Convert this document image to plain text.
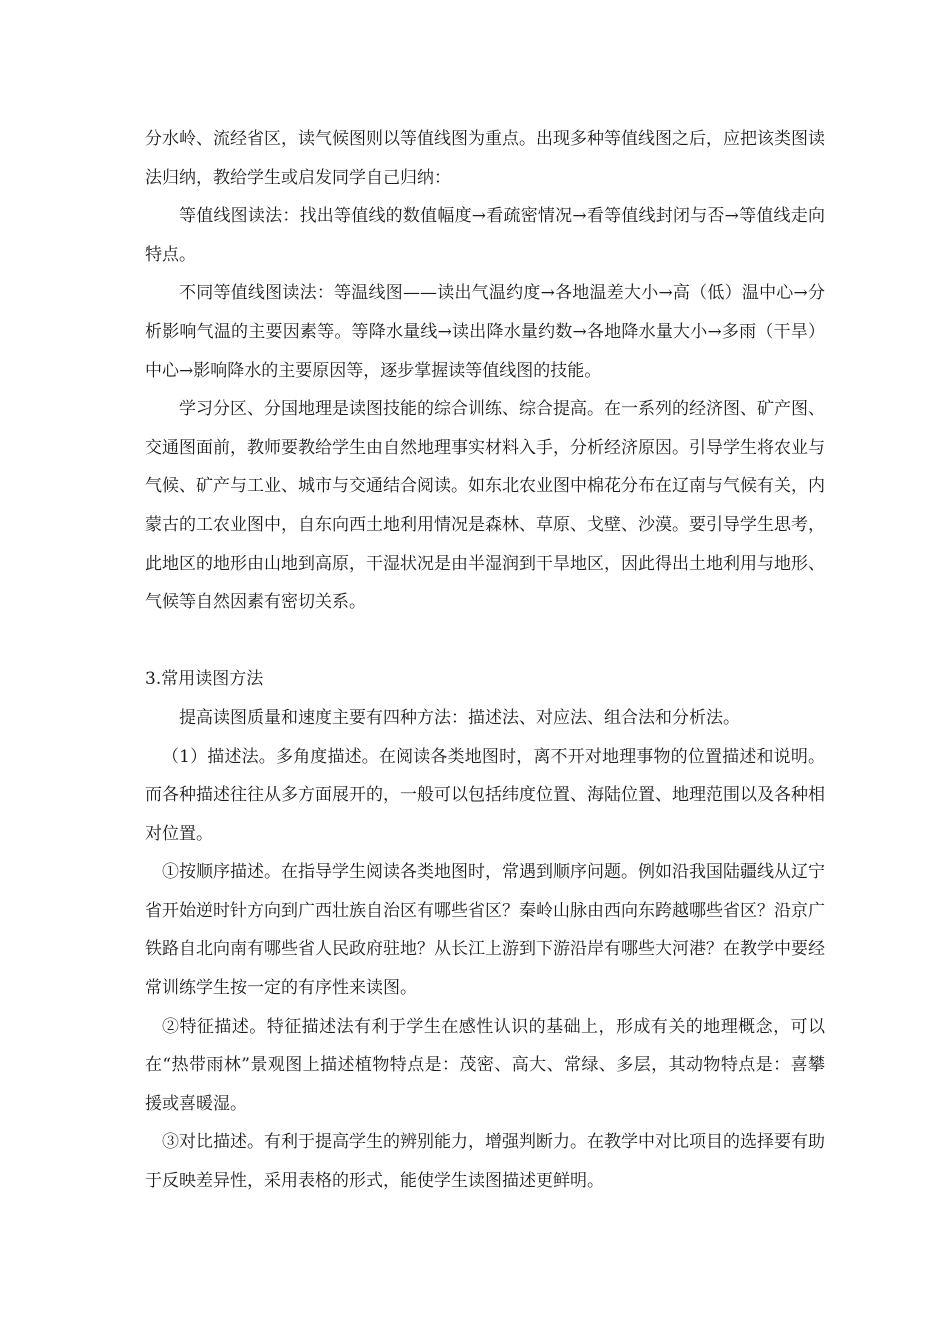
分水岭、流经省区，读气候图则以等值线图为重点。出现多种等值线图之后，应把该类图读法归纳，教给学生或启发同学自己归纳：

等值线图读法：找出等值线的数值幅度→看疏密情况→看等值线封闭与否→等值线走向特点。

不同等值线图读法：等温线图——读出气温约度→各地温差大小→高（低）温中心→分析影响气温的主要因素等。等降水量线→读出降水量约数→各地降水量大小→多雨（干旱）中心→影响降水的主要原因等，逐步掌握读等值线图的技能。

学习分区、分国地理是读图技能的综合训练、综合提高。在一系列的经济图、矿产图、交通图面前，教师要教给学生由自然地理事实材料入手，分析经济原因。引导学生将农业与气候、矿产与工业、城市与交通结合阅读。如东北农业图中棉花分布在辽南与气候有关，内蒙古的工农业图中，自东向西土地利用情况是森林、草原、戈壁、沙漠。要引导学生思考，此地区的地形由山地到高原，干湿状况是由半湿润到干旱地区，因此得出土地利用与地形、气候等自然因素有密切关系。

3.常用读图方法

提高读图质量和速度主要有四种方法：描述法、对应法、组合法和分析法。

（1）描述法。多角度描述。在阅读各类地图时，离不开对地理事物的位置描述和说明。而各种描述往往从多方面展开的，一般可以包括纬度位置、海陆位置、地理范围以及各种相对位置。

①按顺序描述。在指导学生阅读各类地图时，常遇到顺序问题。例如沿我国陆疆线从辽宁省开始逆时针方向到广西壮族自治区有哪些省区？秦岭山脉由西向东跨越哪些省区？沿京广铁路自北向南有哪些省人民政府驻地？从长江上游到下游沿岸有哪些大河港？在教学中要经常训练学生按一定的有序性来读图。

②特征描述。特征描述法有利于学生在感性认识的基础上，形成有关的地理概念，可以在“热带雨林”景观图上描述植物特点是：茂密、高大、常绿、多层，其动物特点是：喜攀援或喜暖湿。

③对比描述。有利于提高学生的辨别能力，增强判断力。在教学中对比项目的选择要有助于反映差异性，采用表格的形式，能使学生读图描述更鲜明。
